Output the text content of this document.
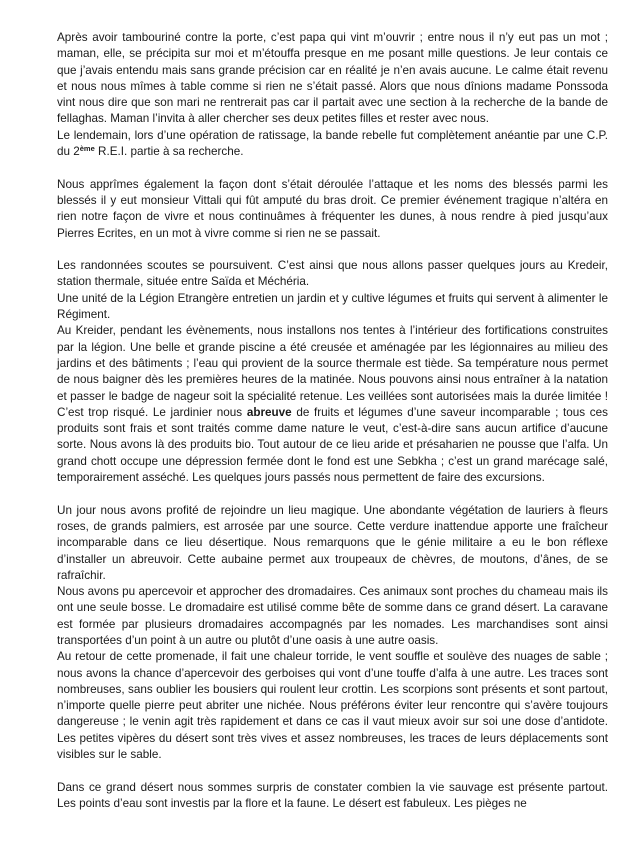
Après avoir tambouriné contre la porte, c’est papa qui vint m’ouvrir ; entre nous il n’y eut pas un mot ; maman, elle, se précipita sur moi et m’étouffa presque en me posant mille questions. Je leur contais ce que j’avais entendu mais sans grande précision car en réalité je n’en avais aucune. Le calme était revenu et nous nous mîmes à table comme si rien ne s’était passé. Alors que nous dînions madame Ponssoda vint nous dire que son mari ne rentrerait pas car il partait avec une section à la recherche de la bande de fellaghas. Maman l’invita à aller chercher ses deux petites filles et rester avec nous.

Le lendemain, lors d’une opération de ratissage, la bande rebelle fut complètement anéantie par une C.P. du 2ème R.E.I. partie à sa recherche.

Nous apprîmes également la façon dont s’était déroulée l’attaque et les noms des blessés parmi les blessés il y eut monsieur Vittali qui fût amputé du bras droit. Ce premier événement tragique n’altéra en rien notre façon de vivre et nous continuâmes à fréquenter les dunes, à nous rendre à pied jusqu’aux Pierres Ecrites, en un mot à vivre comme si rien ne se passait.

Les randonnées scoutes se poursuivent. C’est ainsi que nous allons passer quelques jours au Kredeir, station thermale, située entre Saïda et Méchéria.

Une unité de la Légion Etrangère entretien un jardin et y cultive légumes et fruits qui servent à alimenter le Régiment.

Au Kreider, pendant les évènements, nous installons nos tentes à l’intérieur des fortifications construites par la légion. Une belle et grande piscine a été creusée et aménagée par les légionnaires au milieu des jardins et des bâtiments ; l’eau qui provient de la source thermale est tiède. Sa température nous permet de nous baigner dès les premières heures de la matinée. Nous pouvons ainsi nous entraîner à la natation et passer le badge de nageur soit la spécialité retenue. Les veillées sont autorisées mais la durée limitée ! C’est trop risqué. Le jardinier nous abreuve de fruits et légumes d’une saveur incomparable ; tous ces produits sont frais et sont traités comme dame nature le veut, c’est-à-dire sans aucun artifice d’aucune sorte. Nous avons là des produits bio. Tout autour de ce lieu aride et présaharien ne pousse que l’alfa. Un grand chott occupe une dépression fermée dont le fond est une Sebkha ; c’est un grand marécage salé, temporairement asséché. Les quelques jours passés nous permettent de faire des excursions.

Un jour nous avons profité de rejoindre un lieu magique. Une abondante végétation de lauriers à fleurs roses, de grands palmiers, est arrosée par une source. Cette verdure inattendue apporte une fraîcheur incomparable dans ce lieu désertique. Nous remarquons que le génie militaire a eu le bon réflexe d’installer un abreuvoir. Cette aubaine permet aux troupeaux de chèvres, de moutons, d’ânes, de se rafraîchir.

Nous avons pu apercevoir et approcher des dromadaires. Ces animaux sont proches du chameau mais ils ont une seule bosse. Le dromadaire est utilisé comme bête de somme dans ce grand désert. La caravane est formée par plusieurs dromadaires accompagnés par les nomades. Les marchandises sont ainsi transportées d’un point à un autre ou plutôt d’une oasis à une autre oasis.

Au retour de cette promenade, il fait une chaleur torride, le vent souffle et soulève des nuages de sable ; nous avons la chance d’apercevoir des gerboises qui vont d’une touffe d’alfa à une autre. Les traces sont nombreuses, sans oublier les bousiers qui roulent leur crottin. Les scorpions sont présents et sont partout, n’importe quelle pierre peut abriter une nichée. Nous préférons éviter leur rencontre qui s’avère toujours dangereuse ; le venin agit très rapidement et dans ce cas il vaut mieux avoir sur soi une dose d’antidote. Les petites vipères du désert sont très vives et assez nombreuses, les traces de leurs déplacements sont visibles sur le sable.

Dans ce grand désert nous sommes surpris de constater combien la vie sauvage est présente partout. Les points d’eau sont investis par la flore et la faune. Le désert est fabuleux. Les pièges ne
